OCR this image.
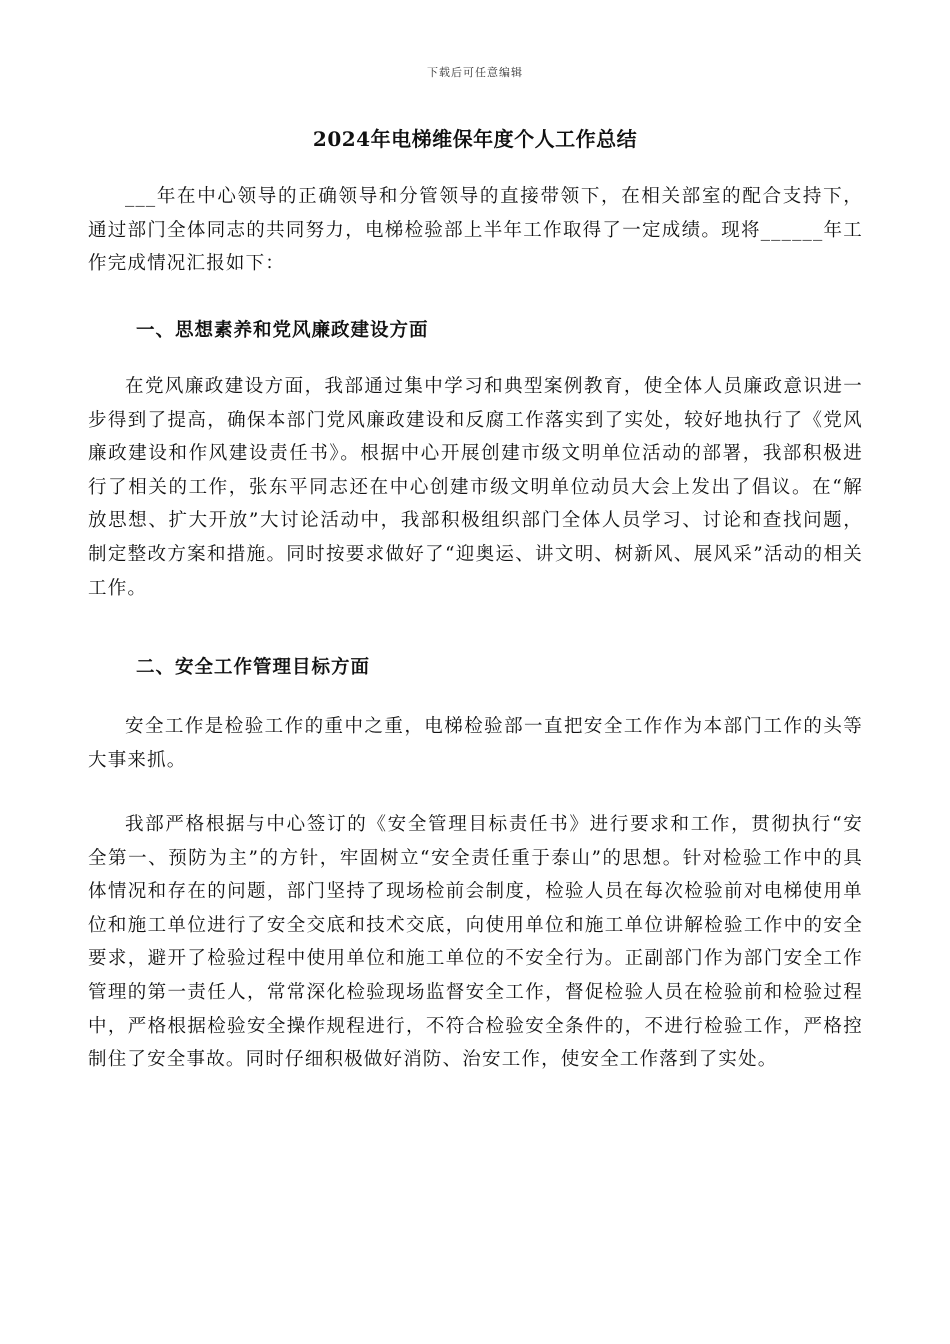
下载后可任意编辑
2024年电梯维保年度个人工作总结

___年在中心领导的正确领导和分管领导的直接带领下，在相关部室的配合支持下，通过部门全体同志的共同努力，电梯检验部上半年工作取得了一定成绩。现将______年工作完成情况汇报如下：

一、思想素养和党风廉政建设方面

在党风廉政建设方面，我部通过集中学习和典型案例教育，使全体人员廉政意识进一步得到了提高，确保本部门党风廉政建设和反腐工作落实到了实处，较好地执行了《党风廉政建设和作风建设责任书》。根据中心开展创建市级文明单位活动的部署，我部积极进行了相关的工作，张东平同志还在中心创建市级文明单位动员大会上发出了倡议。在“解放思想、扩大开放”大讨论活动中，我部积极组织部门全体人员学习、讨论和查找问题，制定整改方案和措施。同时按要求做好了“迎奥运、讲文明、树新风、展风采”活动的相关工作。

二、安全工作管理目标方面

安全工作是检验工作的重中之重，电梯检验部一直把安全工作作为本部门工作的头等大事来抓。

我部严格根据与中心签订的《安全管理目标责任书》进行要求和工作，贯彻执行“安全第一、预防为主”的方针，牢固树立“安全责任重于泰山”的思想。针对检验工作中的具体情况和存在的问题，部门坚持了现场检前会制度，检验人员在每次检验前对电梯使用单位和施工单位进行了安全交底和技术交底，向使用单位和施工单位讲解检验工作中的安全要求，避开了检验过程中使用单位和施工单位的不安全行为。正副部门作为部门安全工作管理的第一责任人，常常深化检验现场监督安全工作，督促检验人员在检验前和检验过程中，严格根据检验安全操作规程进行，不符合检验安全条件的，不进行检验工作，严格控制住了安全事故。同时仔细积极做好消防、治安工作，使安全工作落到了实处。
